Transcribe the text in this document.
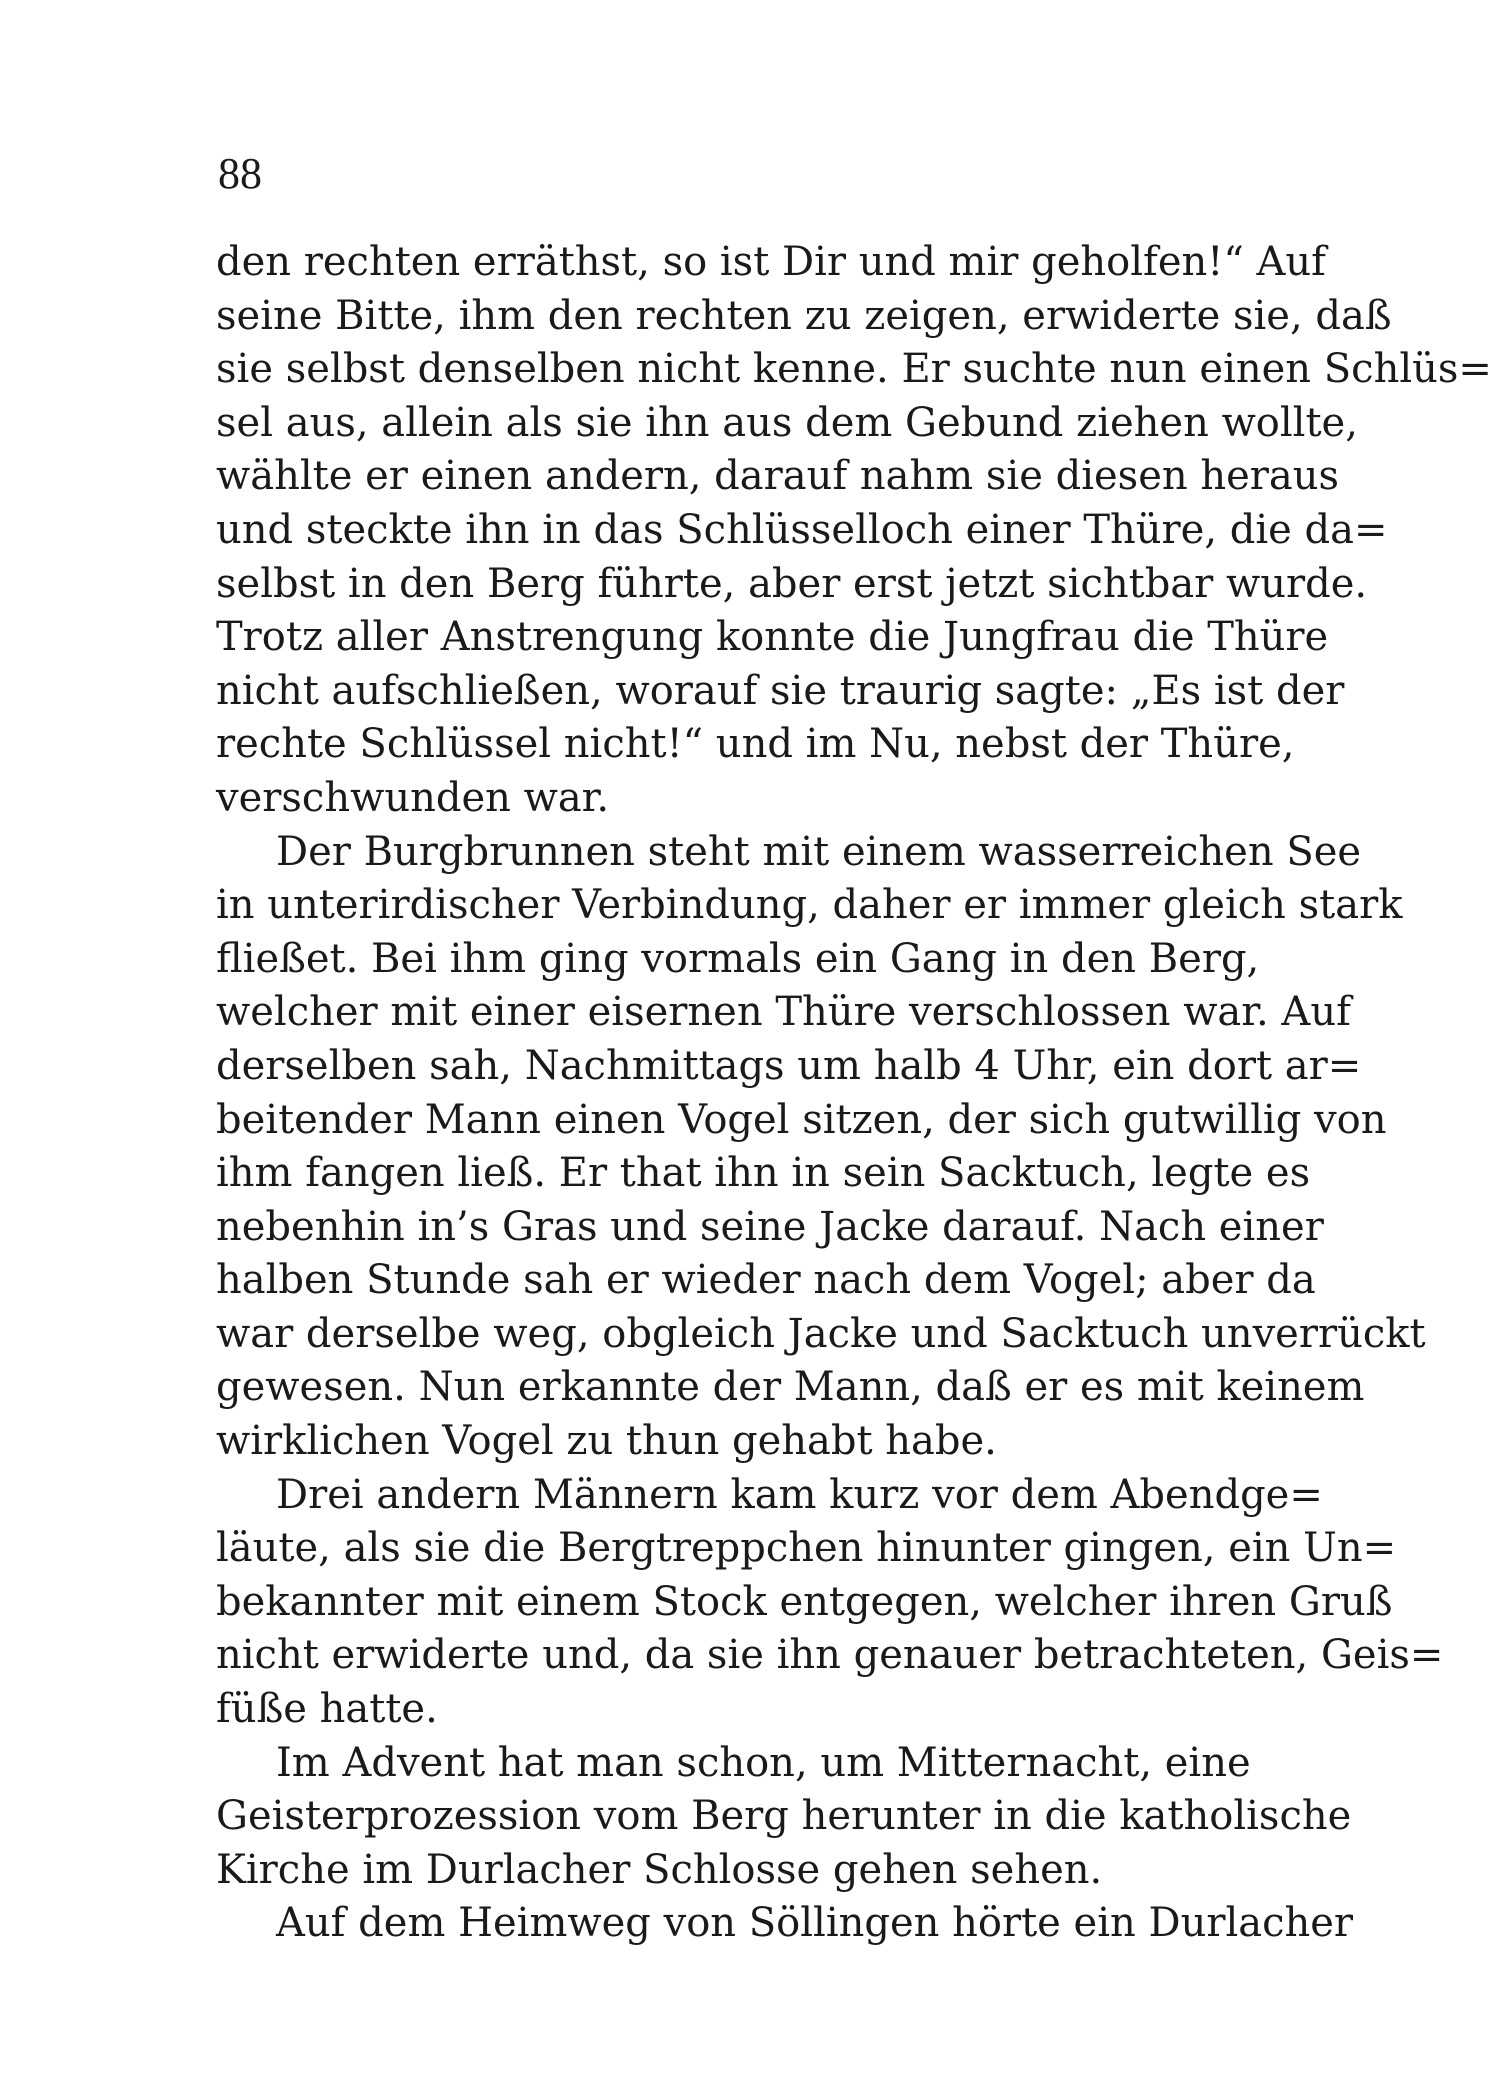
88
den rechten erräthst, so ist Dir und mir geholfen!“ Auf
seine Bitte, ihm den rechten zu zeigen, erwiderte sie, daß
sie selbst denselben nicht kenne. Er suchte nun einen Schlüs=
sel aus, allein als sie ihn aus dem Gebund ziehen wollte,
wählte er einen andern, darauf nahm sie diesen heraus
und steckte ihn in das Schlüsselloch einer Thüre, die da=
selbst in den Berg führte, aber erst jetzt sichtbar wurde.
Trotz aller Anstrengung konnte die Jungfrau die Thüre
nicht aufschließen, worauf sie traurig sagte: „Es ist der
rechte Schlüssel nicht!“ und im Nu, nebst der Thüre,
verschwunden war.
Der Burgbrunnen steht mit einem wasserreichen See
in unterirdischer Verbindung, daher er immer gleich stark
fließet. Bei ihm ging vormals ein Gang in den Berg,
welcher mit einer eisernen Thüre verschlossen war. Auf
derselben sah, Nachmittags um halb 4 Uhr, ein dort ar=
beitender Mann einen Vogel sitzen, der sich gutwillig von
ihm fangen ließ. Er that ihn in sein Sacktuch, legte es
nebenhin in’s Gras und seine Jacke darauf. Nach einer
halben Stunde sah er wieder nach dem Vogel; aber da
war derselbe weg, obgleich Jacke und Sacktuch unverrückt
gewesen. Nun erkannte der Mann, daß er es mit keinem
wirklichen Vogel zu thun gehabt habe.
Drei andern Männern kam kurz vor dem Abendge=
läute, als sie die Bergtreppchen hinunter gingen, ein Un=
bekannter mit einem Stock entgegen, welcher ihren Gruß
nicht erwiderte und, da sie ihn genauer betrachteten, Geis=
füße hatte.
Im Advent hat man schon, um Mitternacht, eine
Geisterprozession vom Berg herunter in die katholische
Kirche im Durlacher Schlosse gehen sehen.
Auf dem Heimweg von Söllingen hörte ein Durlacher
